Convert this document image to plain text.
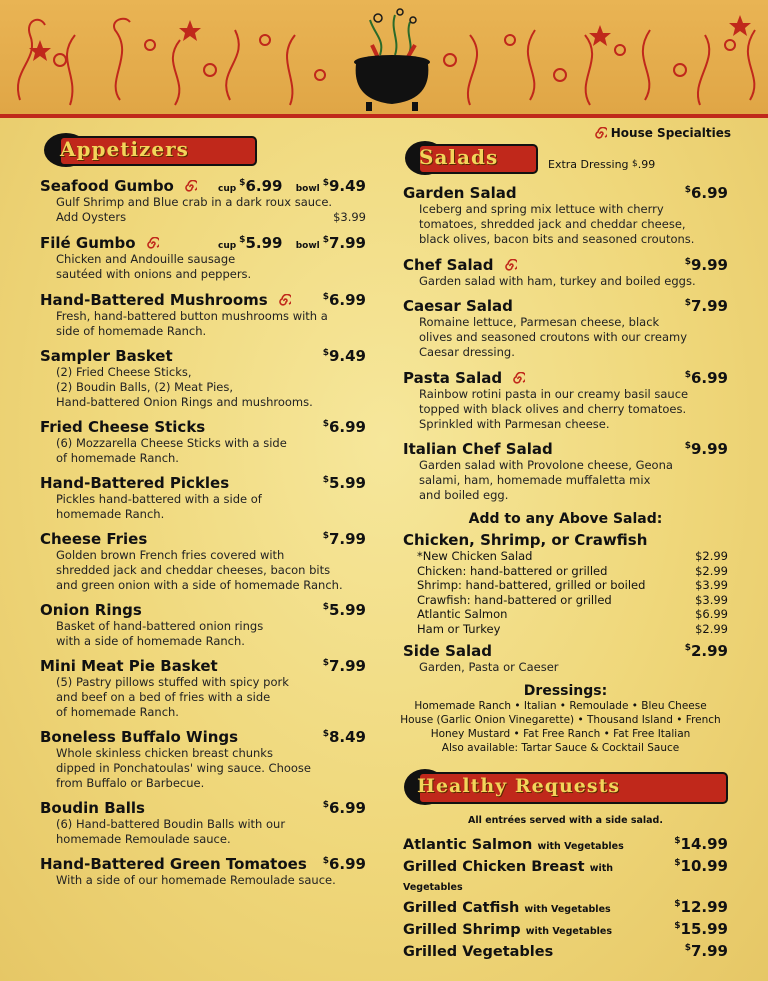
Appetizers
Seafood Gumbo	cup$6.99 bowl$9.49
Gulf Shrimp and Blue crab in a dark roux sauce.
Add Oysters	$3.99
Filé Gumbo	cup$5.99 bowl$7.99
Chicken and Andouille sausage
sautéed with onions and peppers.
Hand-Battered Mushrooms	$6.99
Fresh, hand-battered button mushrooms with a
side of homemade Ranch.
Sampler Basket	$9.49
(2) Fried Cheese Sticks,
(2) Boudin Balls, (2) Meat Pies,
Hand-battered Onion Rings and mushrooms.
Fried Cheese Sticks	$6.99
(6) Mozzarella Cheese Sticks with a side
of homemade Ranch.
Hand-Battered Pickles	$5.99
Pickles hand-battered with a side of
homemade Ranch.
Cheese Fries	$7.99
Golden brown French fries covered with
shredded jack and cheddar cheeses, bacon bits
and green onion with a side of homemade Ranch.
Onion Rings	$5.99
Basket of hand-battered onion rings
with a side of homemade Ranch.
Mini Meat Pie Basket	$7.99
(5) Pastry pillows stuffed with spicy pork
and beef on a bed of fries with a side
of homemade Ranch.
Boneless Buffalo Wings	$8.49
Whole skinless chicken breast chunks
dipped in Ponchatoulas' wing sauce. Choose
from Buffalo or Barbecue.
Boudin Balls	$6.99
(6) Hand-battered Boudin Balls with our
homemade Remoulade sauce.
Hand-Battered Green Tomatoes $6.99
With a side of our homemade Remoulade sauce.
House Specialties
Salads	Extra Dressing $.99
Garden Salad	$6.99
Iceberg and spring mix lettuce with cherry
tomatoes, shredded jack and cheddar cheese,
black olives, bacon bits and seasoned croutons.
Chef Salad	$9.99
Garden salad with ham, turkey and boiled eggs.
Caesar Salad	$7.99
Romaine lettuce, Parmesan cheese, black
olives and seasoned croutons with our creamy
Caesar dressing.
Pasta Salad	$6.99
Rainbow rotini pasta in our creamy basil sauce
topped with black olives and cherry tomatoes.
Sprinkled with Parmesan cheese.
Italian Chef Salad	$9.99
Garden salad with Provolone cheese, Geona
salami, ham, homemade muffaletta mix
and boiled egg.
Add to any Above Salad:
Chicken, Shrimp, or Crawfish
*New Chicken Salad	$2.99
Chicken: hand-battered or grilled	$2.99
Shrimp: hand-battered, grilled or boiled	$3.99
Crawfish: hand-battered or grilled	$3.99
Atlantic Salmon	$6.99
Ham or Turkey	$2.99
Side Salad	$2.99
Garden, Pasta or Caeser
Dressings:
Homemade Ranch • Italian • Remoulade • Bleu Cheese
House (Garlic Onion Vinegarette) • Thousand Island • French
Honey Mustard • Fat Free Ranch • Fat Free Italian
Also available: Tartar Sauce & Cocktail Sauce
Healthy Requests
All entrées served with a side salad.
Atlantic Salmon with Vegetables	$14.99
Grilled Chicken Breast with Vegetables
$10.99
Grilled Catfish with Vegetables	$12.99
Grilled Shrimp with Vegetables	$15.99
Grilled Vegetables	$7.99
